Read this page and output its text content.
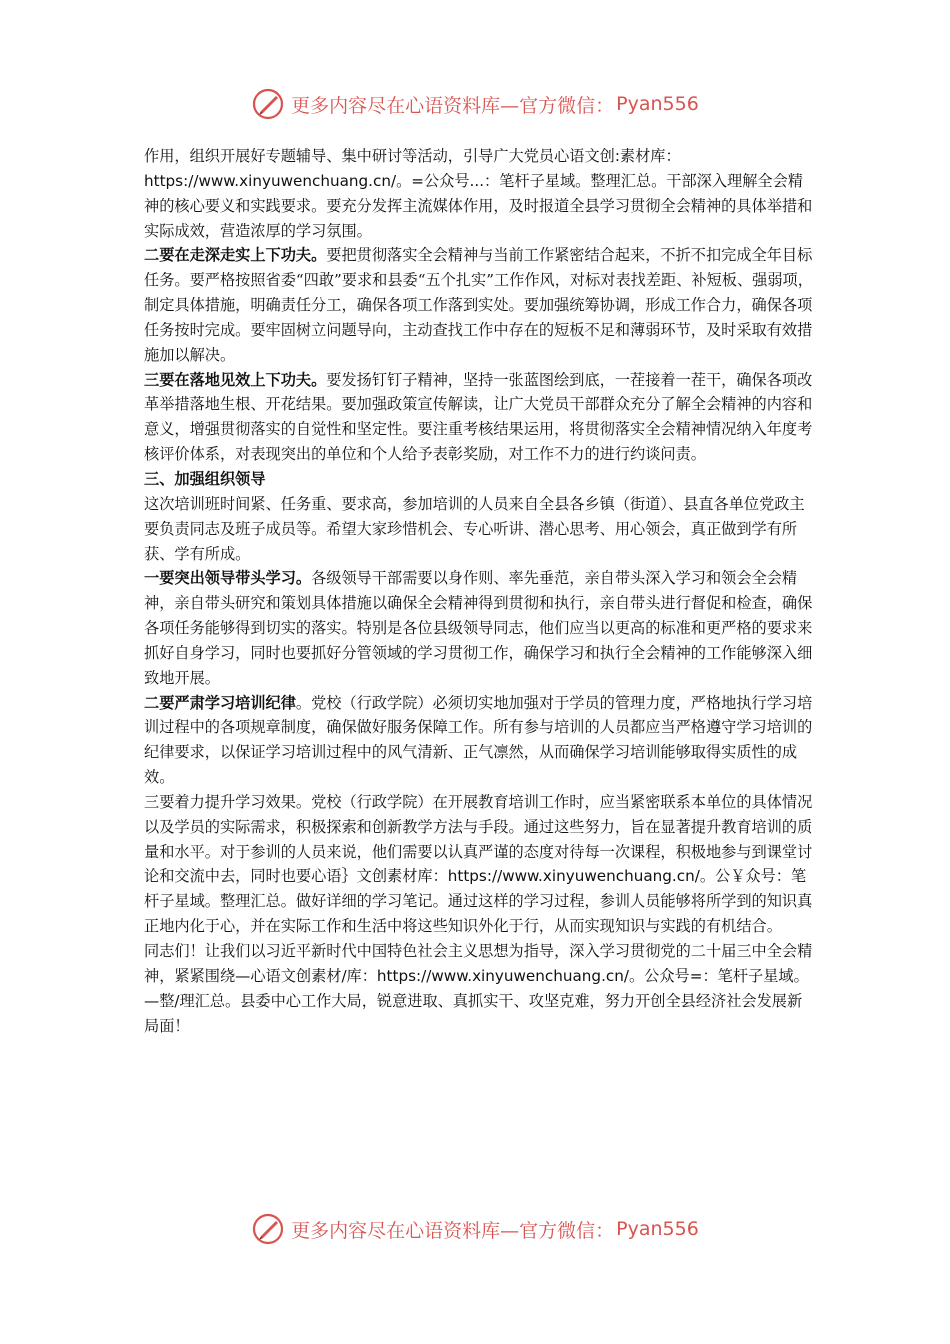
更多内容尽在心语资料库—官方微信： Pyan556

作用，组织开展好专题辅导、集中研讨等活动，引导广大党员心语文创:素材库：https://www.xinyuwenchuang.cn/。=公众号...：笔杆子星域。整理汇总。干部深入理解全会精神的核心要义和实践要求。要充分发挥主流媒体作用，及时报道全县学习贯彻全会精神的具体举措和实际成效，营造浓厚的学习氛围。

二要在走深走实上下功夫。要把贯彻落实全会精神与当前工作紧密结合起来，不折不扣完成全年目标任务。要严格按照省委“四敢”要求和县委“五个扎实”工作作风，对标对表找差距、补短板、强弱项，制定具体措施，明确责任分工，确保各项工作落到实处。要加强统筹协调，形成工作合力，确保各项任务按时完成。要牢固树立问题导向，主动查找工作中存在的短板不足和薄弱环节，及时采取有效措施加以解决。

三要在落地见效上下功夫。要发扬钉钉子精神，坚持一张蓝图绘到底，一茬接着一茬干，确保各项改革举措落地生根、开花结果。要加强政策宣传解读，让广大党员干部群众充分了解全会精神的内容和意义，增强贯彻落实的自觉性和坚定性。要注重考核结果运用，将贯彻落实全会精神情况纳入年度考核评价体系，对表现突出的单位和个人给予表彰奖励，对工作不力的进行约谈问责。

三、加强组织领导

这次培训班时间紧、任务重、要求高，参加培训的人员来自全县各乡镇（街道）、县直各单位党政主要负责同志及班子成员等。希望大家珍惜机会、专心听讲、潜心思考、用心领会，真正做到学有所获、学有所成。

一要突出领导带头学习。各级领导干部需要以身作则、率先垂范，亲自带头深入学习和领会全会精神，亲自带头研究和策划具体措施以确保全会精神得到贯彻和执行，亲自带头进行督促和检查，确保各项任务能够得到切实的落实。特别是各位县级领导同志，他们应当以更高的标准和更严格的要求来抓好自身学习，同时也要抓好分管领域的学习贯彻工作，确保学习和执行全会精神的工作能够深入细致地开展。

二要严肃学习培训纪律。党校（行政学院）必须切实地加强对于学员的管理力度，严格地执行学习培训过程中的各项规章制度，确保做好服务保障工作。所有参与培训的人员都应当严格遵守学习培训的纪律要求，以保证学习培训过程中的风气清新、正气凛然，从而确保学习培训能够取得实质性的成效。

三要着力提升学习效果。党校（行政学院）在开展教育培训工作时，应当紧密联系本单位的具体情况以及学员的实际需求，积极探索和创新教学方法与手段。通过这些努力，旨在显著提升教育培训的质量和水平。对于参训的人员来说，他们需要以认真严谨的态度对待每一次课程，积极地参与到课堂讨论和交流中去，同时也要心语｝文创素材库：https://www.xinyuwenchuang.cn/。公￥众号：笔杆子星域。整理汇总。做好详细的学习笔记。通过这样的学习过程，参训人员能够将所学到的知识真正地内化于心，并在实际工作和生活中将这些知识外化于行，从而实现知识与实践的有机结合。

同志们！让我们以习近平新时代中国特色社会主义思想为指导，深入学习贯彻党的二十届三中全会精神，紧紧围绕—心语文创素材/库：https://www.xinyuwenchuang.cn/。公众号=：笔杆子星域。—整/理汇总。县委中心工作大局，锐意进取、真抓实干、攻坚克难，努力开创全县经济社会发展新局面！

更多内容尽在心语资料库—官方微信： Pyan556
